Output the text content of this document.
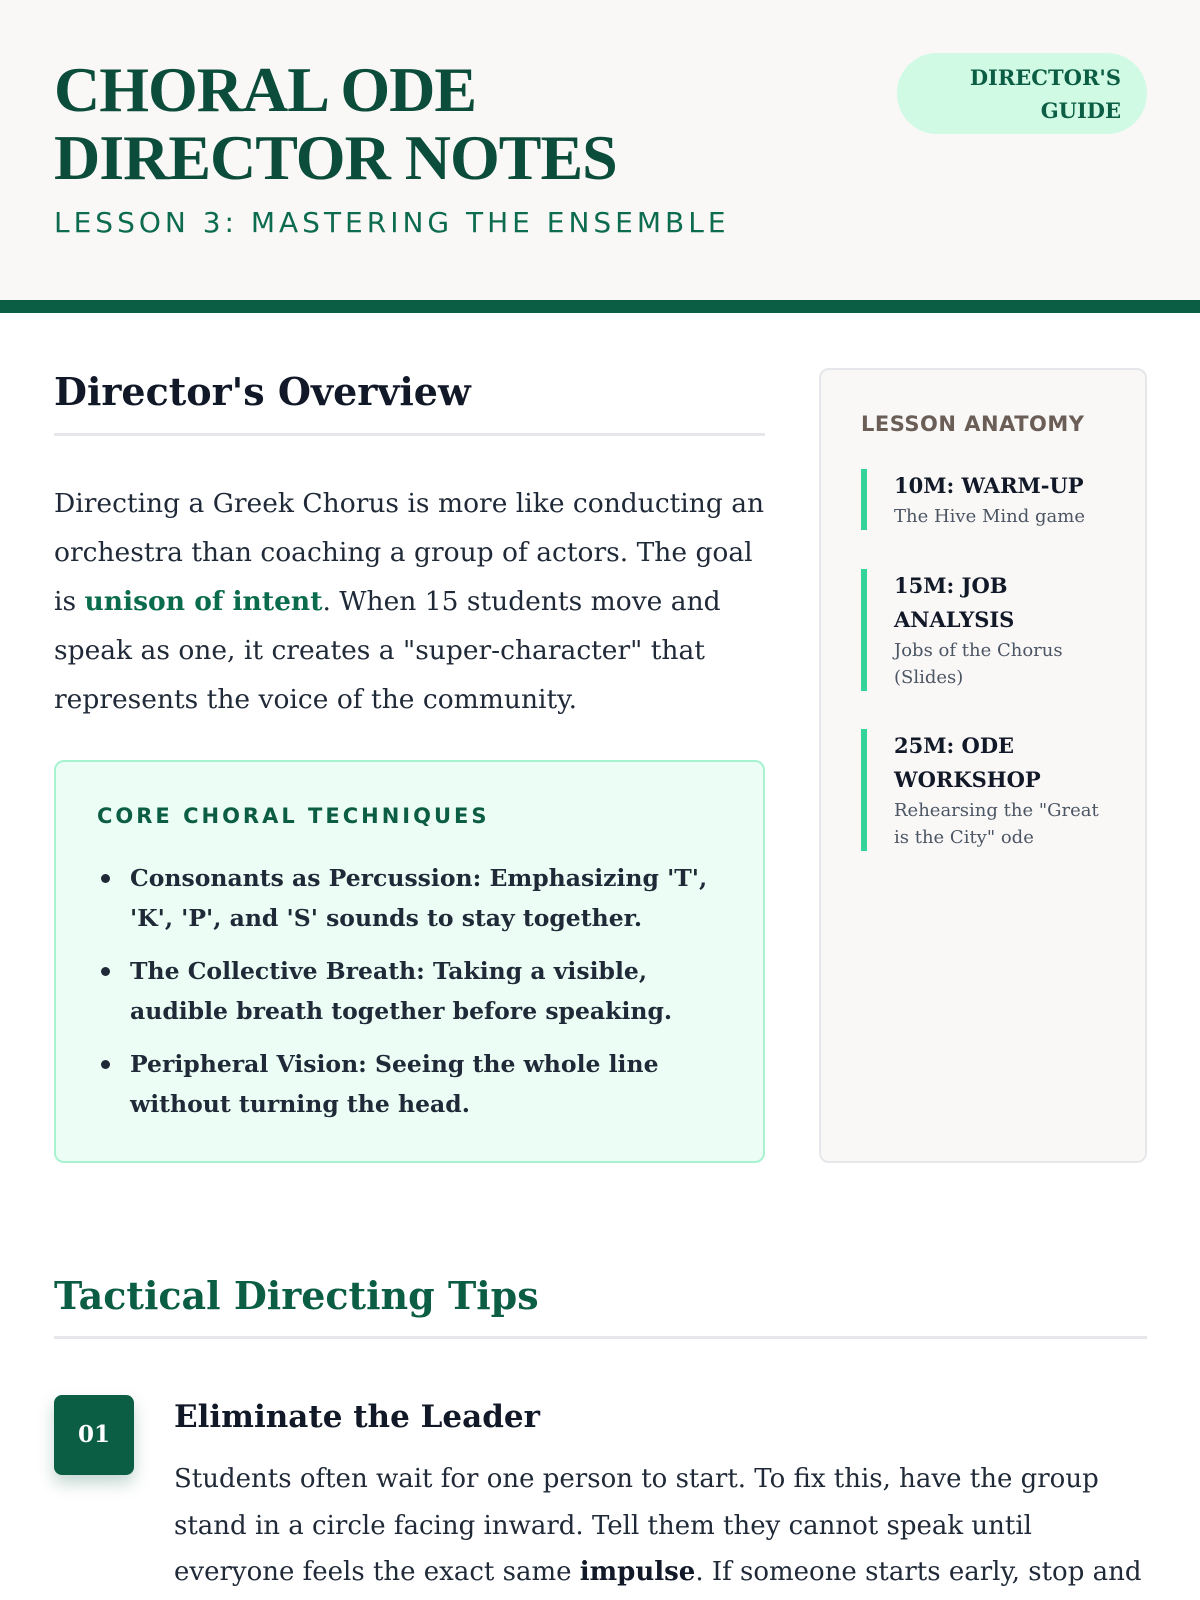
CHORAL ODE DIRECTOR NOTES
LESSON 3: MASTERING THE ENSEMBLE
DIRECTOR'S GUIDE
Director's Overview

Directing a Greek Chorus is more like conducting an orchestra than coaching a group of actors. The goal is unison of intent. When 15 students move and speak as one, it creates a "super-character" that represents the voice of the community.

CORE CHORAL TECHNIQUES
Consonants as Percussion: Emphasizing 'T', 'K', 'P', and 'S' sounds to stay together.
The Collective Breath: Taking a visible, audible breath together before speaking.
Peripheral Vision: Seeing the whole line without turning the head.
LESSON ANATOMY
10M: WARM-UP
The Hive Mind game
15M: JOB ANALYSIS
Jobs of the Chorus (Slides)
25M: ODE WORKSHOP
Rehearsing the "Great is the City" ode
Tactical Directing Tips
01	Eliminate the Leader

Students often wait for one person to start. To fix this, have the group stand in a circle facing inward. Tell them they cannot speak until everyone feels the exact same impulse. If someone starts early, stop and
